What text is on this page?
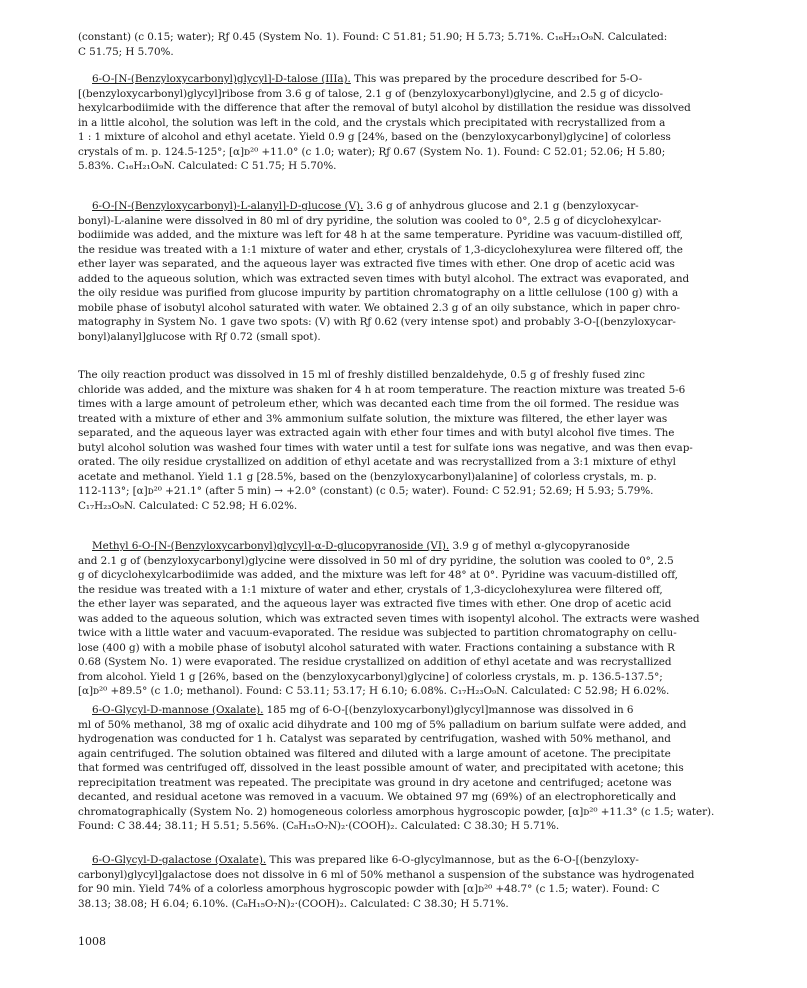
(constant) (c 0.15; water); Rƒ 0.45 (System No. 1). Found: C 51.81; 51.90; H 5.73; 5.71%. C₁₆H₂₁O₉N. Calculated:
C 51.75; H 5.70%.

6-O-[N-(Benzyloxycarbonyl)glycyl]-D-talose (IIIa). This was prepared by the procedure described for 5-O-
[(benzyloxycarbonyl)glycyl]ribose from 3.6 g of talose, 2.1 g of (benzyloxycarbonyl)glycine, and 2.5 g of dicyclo-
hexylcarbodiimide with the difference that after the removal of butyl alcohol by distillation the residue was dissolved
in a little alcohol, the solution was left in the cold, and the crystals which precipitated with recrystallized from a
1 : 1 mixture of alcohol and ethyl acetate. Yield 0.9 g [24%, based on the (benzyloxycarbonyl)glycine] of colorless
crystals of m. p. 124.5-125°; [α]ᴅ²⁰ +11.0° (c 1.0; water); Rƒ 0.67 (System No. 1). Found: C 52.01; 52.06; H 5.80;
5.83%. C₁₆H₂₁O₉N. Calculated: C 51.75; H 5.70%.

6-O-[N-(Benzyloxycarbonyl)-L-alanyl]-D-glucose (V). 3.6 g of anhydrous glucose and 2.1 g (benzyloxycar-
bonyl)-L-alanine were dissolved in 80 ml of dry pyridine, the solution was cooled to 0°, 2.5 g of dicyclohexylcar-
bodiimide was added, and the mixture was left for 48 h at the same temperature. Pyridine was vacuum-distilled off,
the residue was treated with a 1:1 mixture of water and ether, crystals of 1,3-dicyclohexylurea were filtered off, the
ether layer was separated, and the aqueous layer was extracted five times with ether. One drop of acetic acid was
added to the aqueous solution, which was extracted seven times with butyl alcohol. The extract was evaporated, and
the oily residue was purified from glucose impurity by partition chromatography on a little cellulose (100 g) with a
mobile phase of isobutyl alcohol saturated with water. We obtained 2.3 g of an oily substance, which in paper chro-
matography in System No. 1 gave two spots: (V) with Rƒ 0.62 (very intense spot) and probably 3-O-[(benzyloxycar-
bonyl)alanyl]glucose with Rƒ 0.72 (small spot).

The oily reaction product was dissolved in 15 ml of freshly distilled benzaldehyde, 0.5 g of freshly fused zinc
chloride was added, and the mixture was shaken for 4 h at room temperature. The reaction mixture was treated 5-6
times with a large amount of petroleum ether, which was decanted each time from the oil formed. The residue was
treated with a mixture of ether and 3% ammonium sulfate solution, the mixture was filtered, the ether layer was
separated, and the aqueous layer was extracted again with ether four times and with butyl alcohol five times. The
butyl alcohol solution was washed four times with water until a test for sulfate ions was negative, and was then evap-
orated. The oily residue crystallized on addition of ethyl acetate and was recrystallized from a 3:1 mixture of ethyl
acetate and methanol. Yield 1.1 g [28.5%, based on the (benzyloxycarbonyl)alanine] of colorless crystals, m. p.
112-113°; [α]ᴅ²⁰ +21.1° (after 5 min) → +2.0° (constant) (c 0.5; water). Found: C 52.91; 52.69; H 5.93; 5.79%.
C₁₇H₂₃O₉N. Calculated: C 52.98; H 6.02%.

Methyl 6-O-[N-(Benzyloxycarbonyl)glycyl]-α-D-glucopyranoside (VI). 3.9 g of methyl α-glycopyranoside
and 2.1 g of (benzyloxycarbonyl)glycine were dissolved in 50 ml of dry pyridine, the solution was cooled to 0°, 2.5
g of dicyclohexylcarbodiimide was added, and the mixture was left for 48° at 0°. Pyridine was vacuum-distilled off,
the residue was treated with a 1:1 mixture of water and ether, crystals of 1,3-dicyclohexylurea were filtered off,
the ether layer was separated, and the aqueous layer was extracted five times with ether. One drop of acetic acid
was added to the aqueous solution, which was extracted seven times with isopentyl alcohol. The extracts were washed
twice with a little water and vacuum-evaporated. The residue was subjected to partition chromatography on cellu-
lose (400 g) with a mobile phase of isobutyl alcohol saturated with water. Fractions containing a substance with R
0.68 (System No. 1) were evaporated. The residue crystallized on addition of ethyl acetate and was recrystallized
from alcohol. Yield 1 g [26%, based on the (benzyloxycarbonyl)glycine] of colorless crystals, m. p. 136.5-137.5°;
[α]ᴅ²⁰ +89.5° (c 1.0; methanol). Found: C 53.11; 53.17; H 6.10; 6.08%. C₁₇H₂₃O₉N. Calculated: C 52.98; H 6.02%.

6-O-Glycyl-D-mannose (Oxalate). 185 mg of 6-O-[(benzyloxycarbonyl)glycyl]mannose was dissolved in 6
ml of 50% methanol, 38 mg of oxalic acid dihydrate and 100 mg of 5% palladium on barium sulfate were added, and
hydrogenation was conducted for 1 h. Catalyst was separated by centrifugation, washed with 50% methanol, and
again centrifuged. The solution obtained was filtered and diluted with a large amount of acetone. The precipitate
that formed was centrifuged off, dissolved in the least possible amount of water, and precipitated with acetone; this
reprecipitation treatment was repeated. The precipitate was ground in dry acetone and centrifuged; acetone was
decanted, and residual acetone was removed in a vacuum. We obtained 97 mg (69%) of an electrophoretically and
chromatographically (System No. 2) homogeneous colorless amorphous hygroscopic powder, [α]ᴅ²⁰ +11.3° (c 1.5; water).
Found: C 38.44; 38.11; H 5.51; 5.56%. (C₈H₁₅O₇N)₂·(COOH)₂. Calculated: C 38.30; H 5.71%.

6-O-Glycyl-D-galactose (Oxalate). This was prepared like 6-O-glycylmannose, but as the 6-O-[(benzyloxy-
carbonyl)glycyl]galactose does not dissolve in 6 ml of 50% methanol a suspension of the substance was hydrogenated
for 90 min. Yield 74% of a colorless amorphous hygroscopic powder with [α]ᴅ²⁰ +48.7° (c 1.5; water). Found: C
38.13; 38.08; H 6.04; 6.10%. (C₈H₁₅O₇N)₂·(COOH)₂. Calculated: C 38.30; H 5.71%.

1008
